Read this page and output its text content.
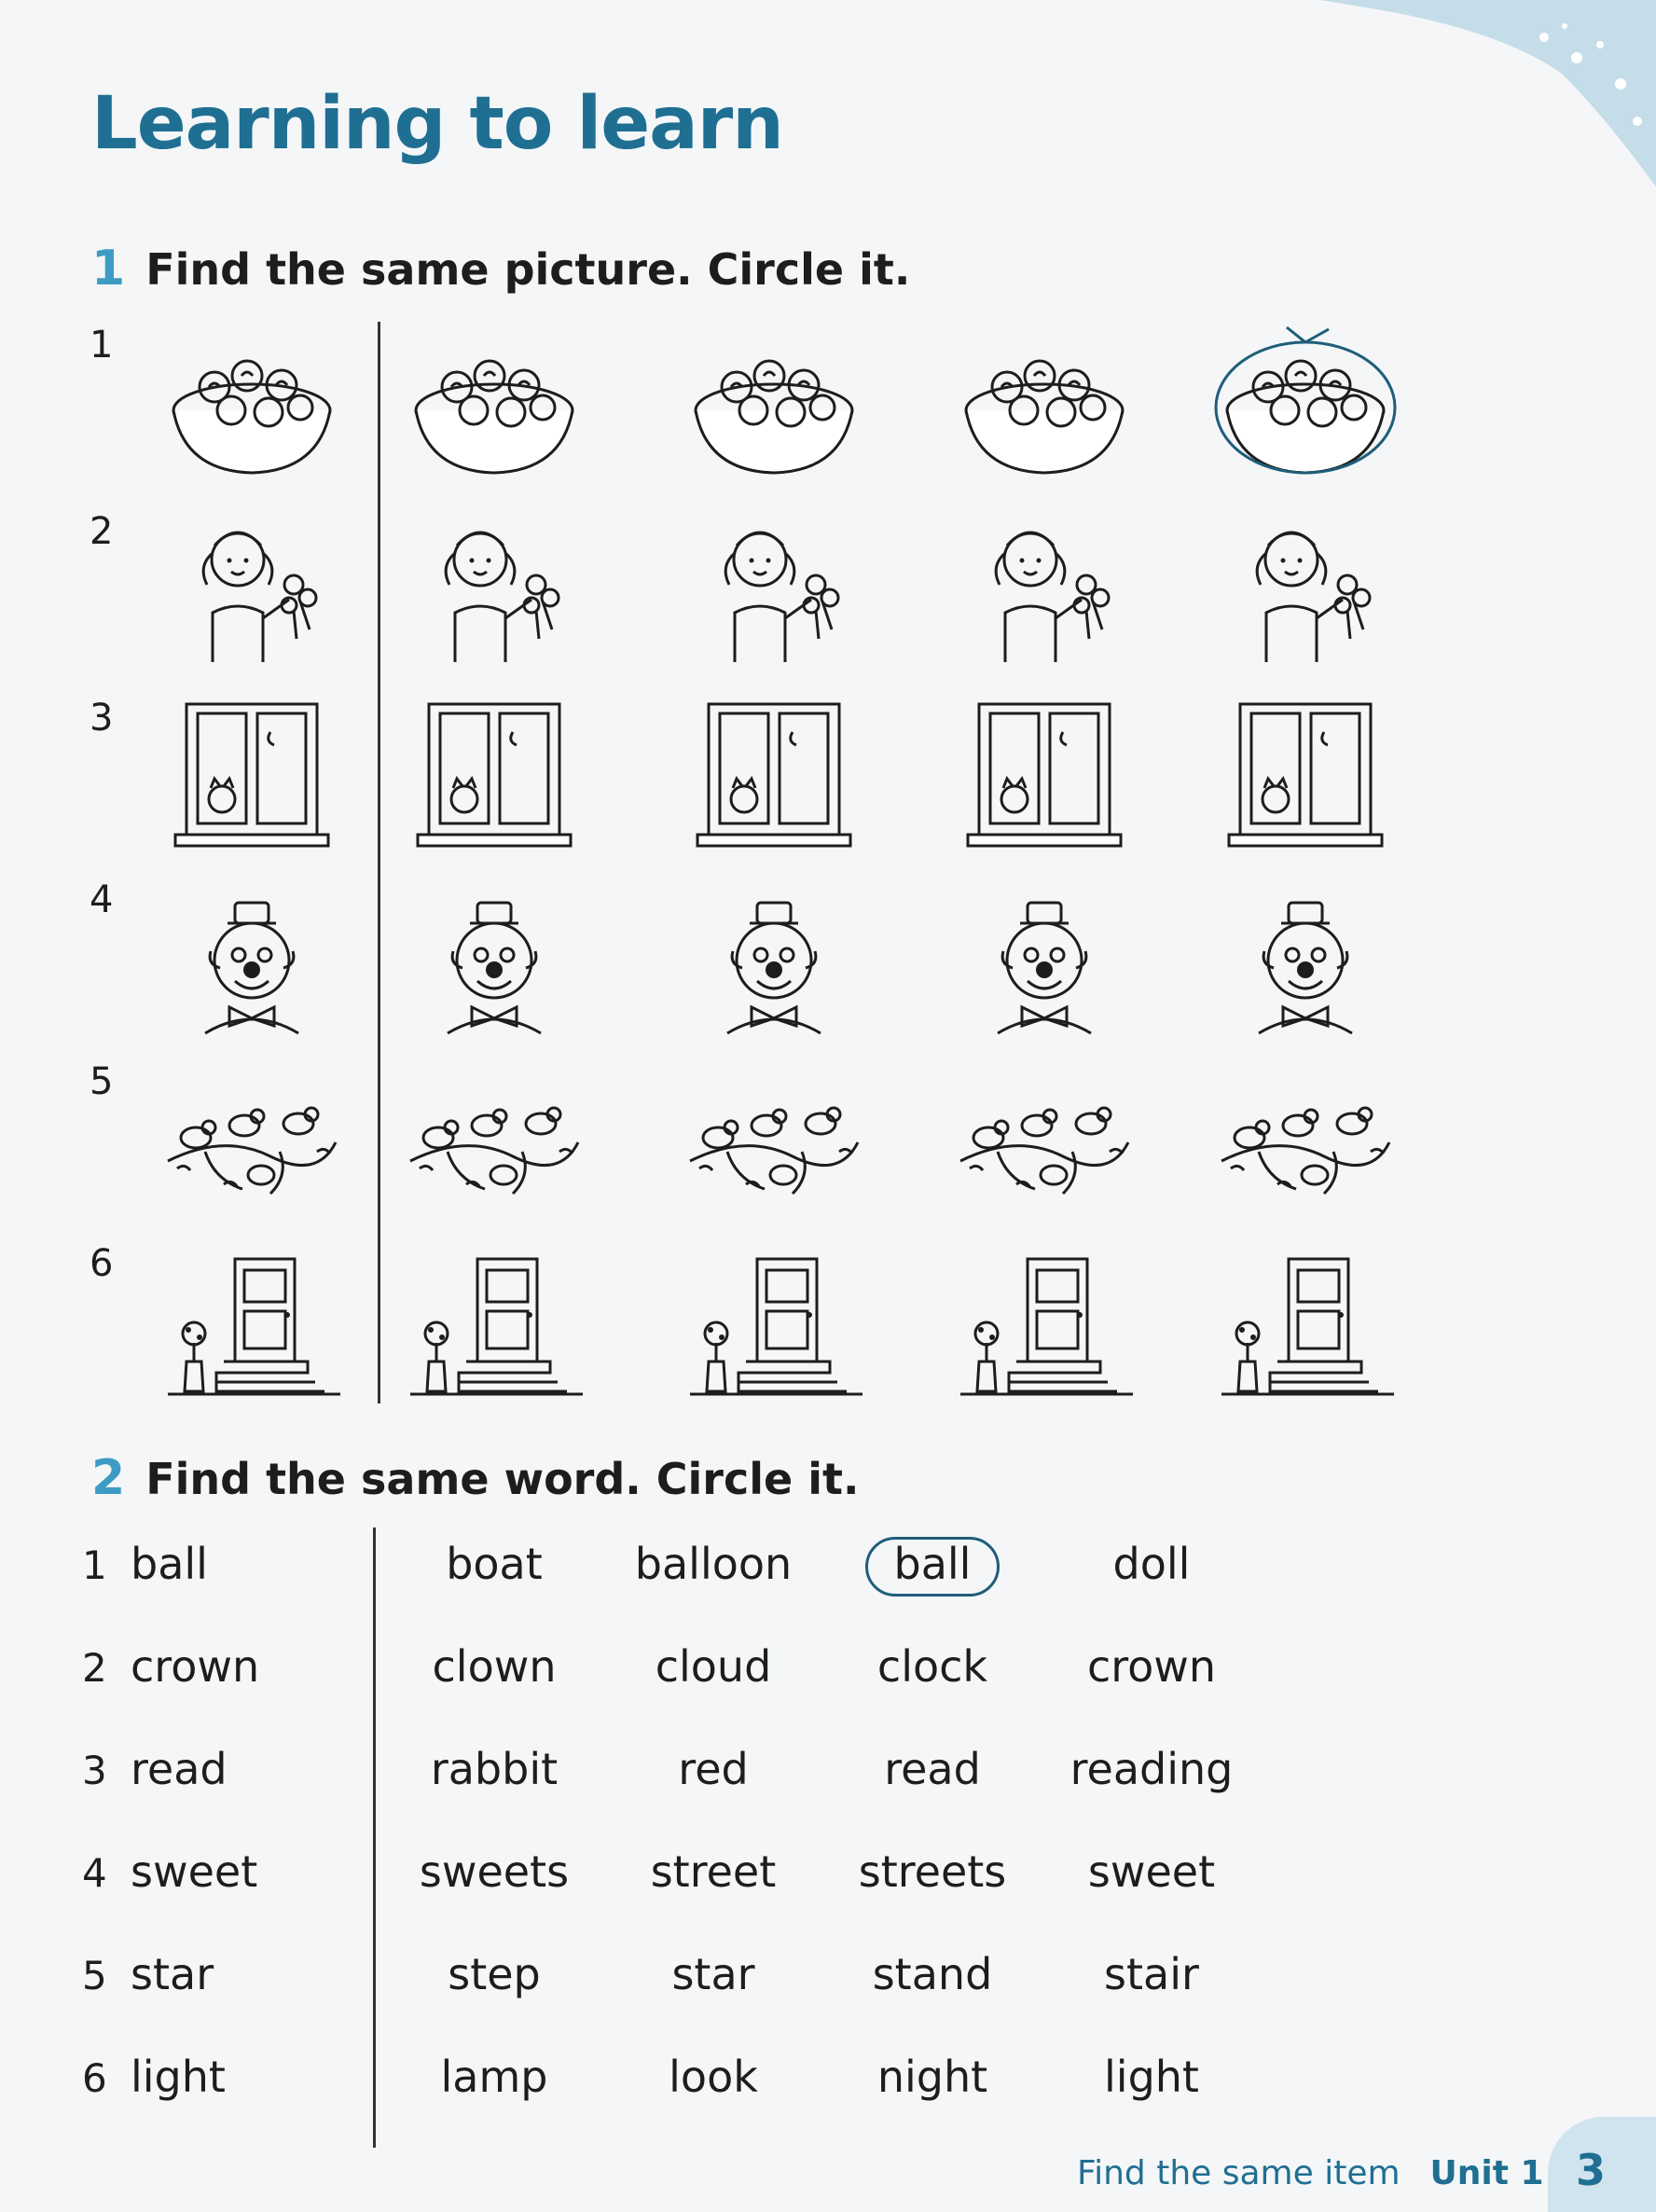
Learning to learn
1 Find the same picture. Circle it.
1
2
3
4
5
6
2 Find the same word. Circle it.
1 ball	boat	balloon	ball	doll
2 crown	clown	cloud	clock	crown
3 read	rabbit	red	read	reading
4 sweet	sweets	street	streets	sweet
5 star	step	star	stand	stair
6 light	lamp	look	night	light
Find the same item Unit 1 3
